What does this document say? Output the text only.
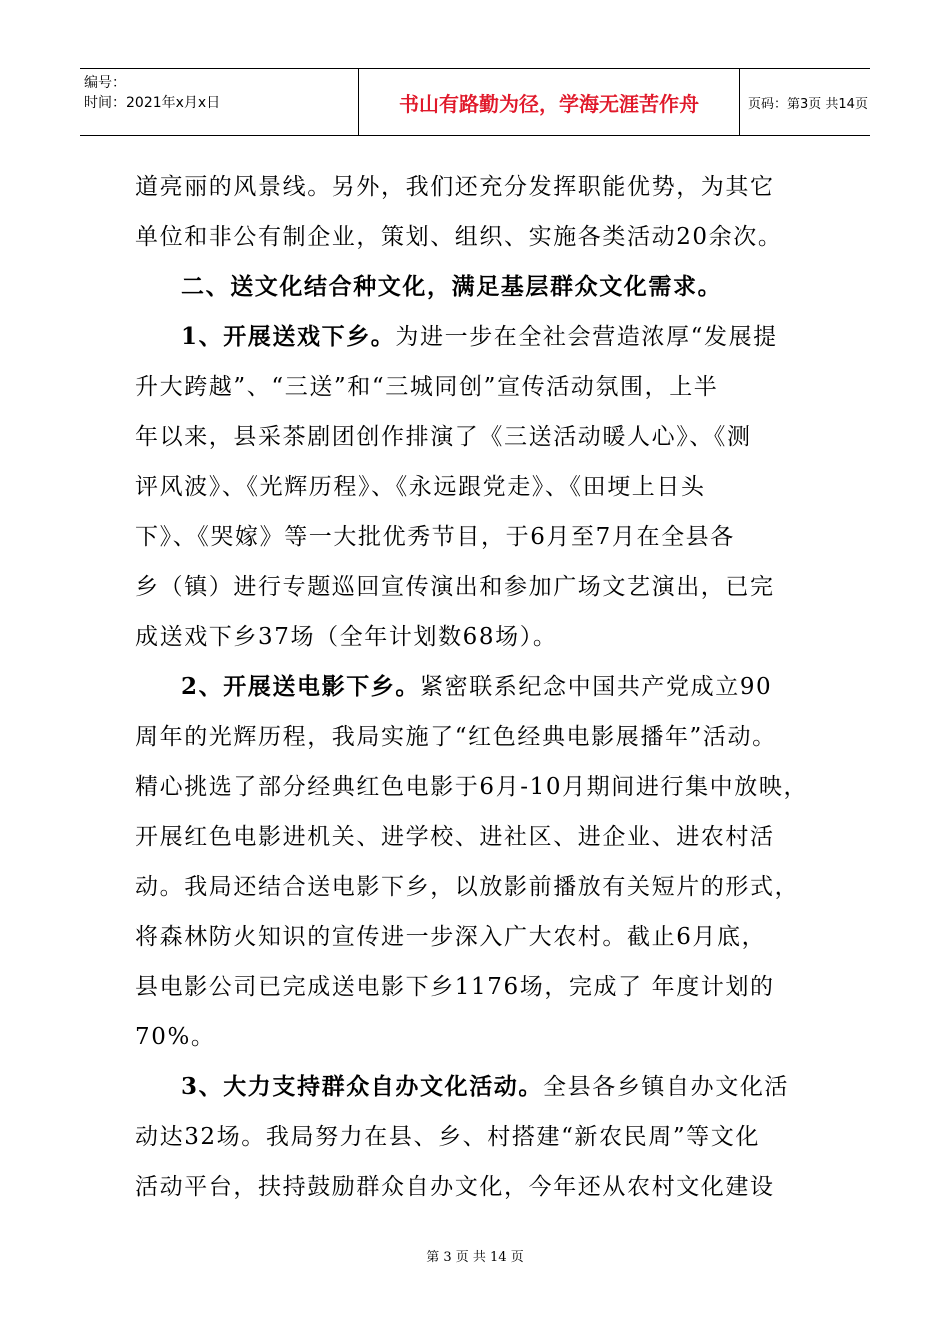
编号：
时间：2021年x月x日	书山有路勤为径，学海无涯苦作舟	页码：第3页 共14页
道亮丽的风景线。另外，我们还充分发挥职能优势，为其它
单位和非公有制企业，策划、组织、实施各类活动20余次。
二、送文化结合种文化，满足基层群众文化需求。
1、开展送戏下乡。为进一步在全社会营造浓厚“发展提
升大跨越”、“三送”和“三城同创”宣传活动氛围，上半
年以来，县采茶剧团创作排演了《三送活动暖人心》、《测
评风波》、《光辉历程》、《永远跟党走》、《田埂上日头
下》、《哭嫁》等一大批优秀节目，于6月至7月在全县各
乡（镇）进行专题巡回宣传演出和参加广场文艺演出，已完
成送戏下乡37场（全年计划数68场）。
2、开展送电影下乡。紧密联系纪念中国共产党成立90
周年的光辉历程，我局实施了“红色经典电影展播年”活动。
精心挑选了部分经典红色电影于6月-10月期间进行集中放映，
开展红色电影进机关、进学校、进社区、进企业、进农村活
动。我局还结合送电影下乡，以放影前播放有关短片的形式，
将森林防火知识的宣传进一步深入广大农村。截止6月底，
县电影公司已完成送电影下乡1176场，完成了 年度计划的
70%。
3、大力支持群众自办文化活动。全县各乡镇自办文化活
动达32场。我局努力在县、乡、村搭建“新农民周”等文化
活动平台，扶持鼓励群众自办文化，今年还从农村文化建设
第 3 页 共 14 页
